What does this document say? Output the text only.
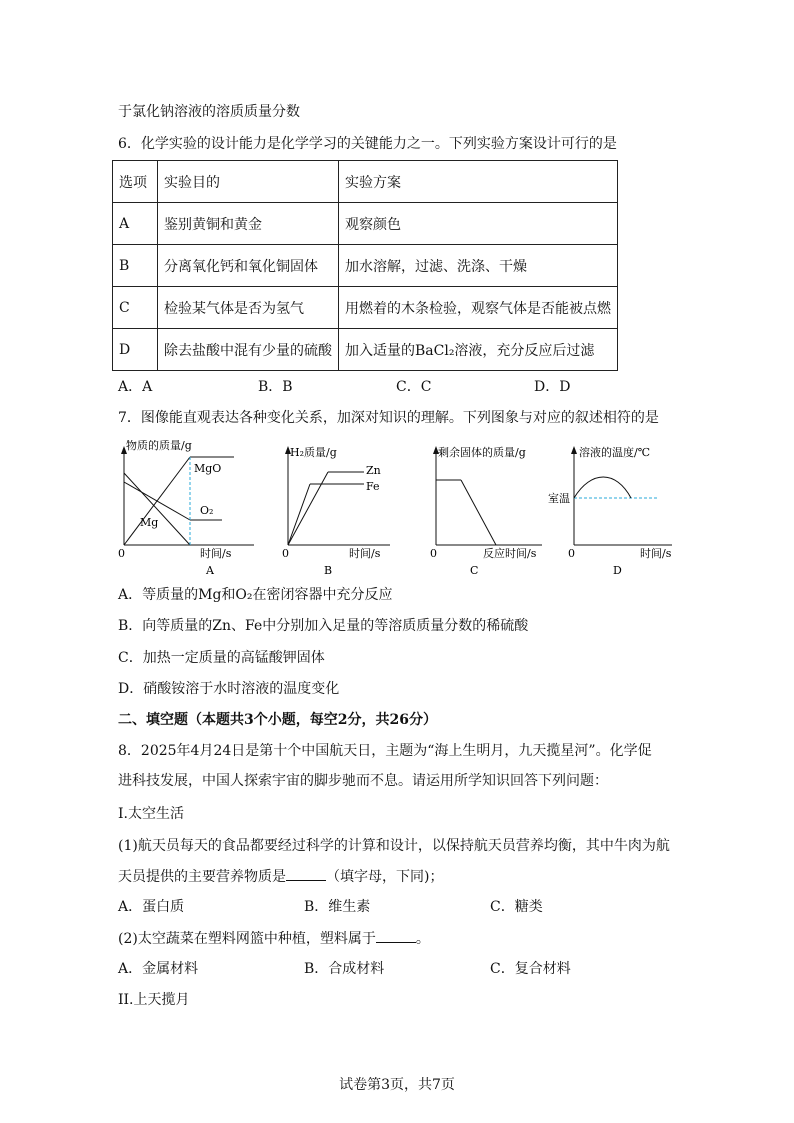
于氯化钠溶液的溶质质量分数
6．化学实验的设计能力是化学学习的关键能力之一。下列实验方案设计可行的是
选项	实验目的	实验方案
A	鉴别黄铜和黄金	观察颜色
B	分离氧化钙和氧化铜固体	加水溶解，过滤、洗涤、干燥
C	检验某气体是否为氢气	用燃着的木条检验，观察气体是否能被点燃
D	除去盐酸中混有少量的硫酸	加入适量的BaCl₂溶液，充分反应后过滤
A．A	B．B	C．C	D．D
7．图像能直观表达各种变化关系，加深对知识的理解。下列图象与对应的叙述相符的是
物质的质量/g
MgO
O₂
Mg
0	时间/s
A
H₂质量/g
Zn
Fe
0	时间/s
B
剩余固体的质量/g
0	反应时间/s
C
溶液的温度/℃
室温
0	时间/s
D
A．等质量的Mg和O₂在密闭容器中充分反应
B．向等质量的Zn、Fe中分别加入足量的等溶质质量分数的稀硫酸
C．加热一定质量的高锰酸钾固体
D．硝酸铵溶于水时溶液的温度变化
二、填空题（本题共3个小题，每空2分，共26分）
8．2025年4月24日是第十个中国航天日，主题为“海上生明月，九天揽星河”。化学促
进科技发展，中国人探索宇宙的脚步驰而不息。请运用所学知识回答下列问题：
I.太空生活
(1)航天员每天的食品都要经过科学的计算和设计，以保持航天员营养均衡，其中牛肉为航
天员提供的主要营养物质是	（填字母，下同)；
A．蛋白质	B．维生素	C．糖类
(2)太空蔬菜在塑料网篮中种植，塑料属于	。
A．金属材料	B．合成材料	C．复合材料
II.上天揽月
试卷第3页，共7页
